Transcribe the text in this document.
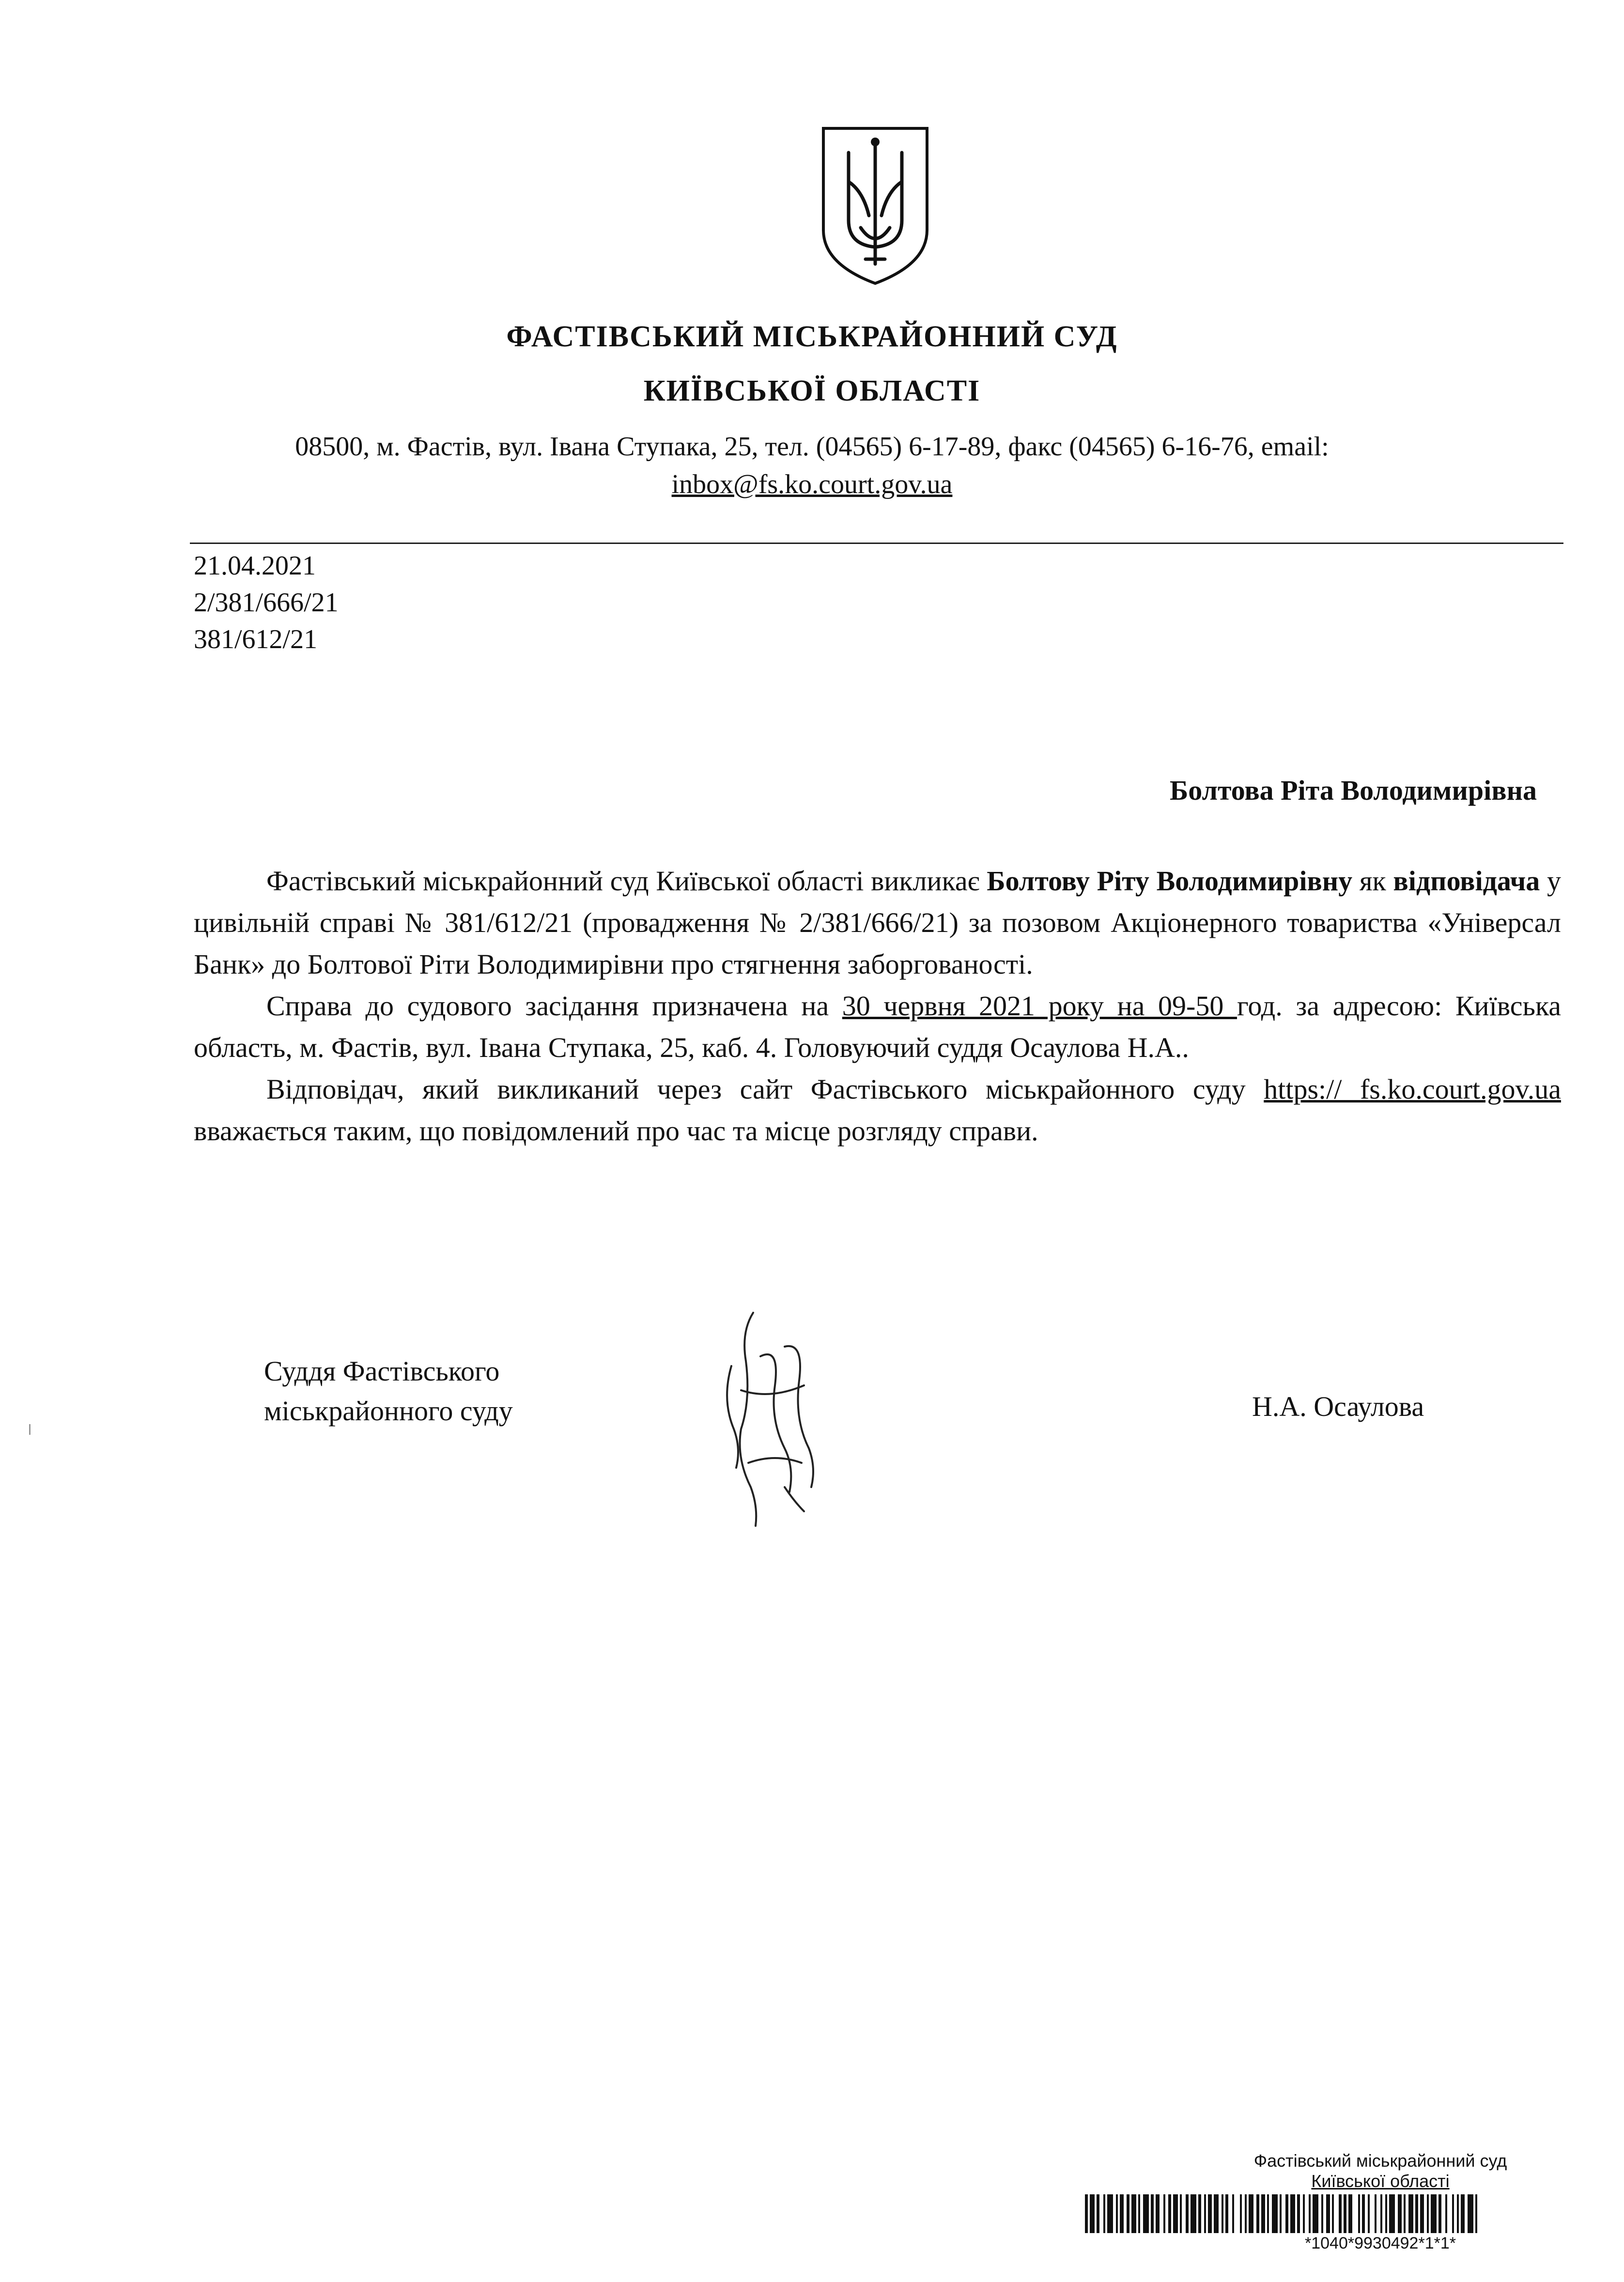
ФАСТІВСЬКИЙ МІСЬКРАЙОННИЙ СУД
КИЇВСЬКОЇ ОБЛАСТІ
08500, м. Фастів, вул. Івана Ступака, 25, тел. (04565) 6-17-89, факс (04565) 6-16-76, email:
inbox@fs.ko.court.gov.ua
21.04.2021
2/381/666/21
381/612/21
Болтова Ріта Володимирівна

Фастівський міськрайонний суд Київської області викликає Болтову Ріту Володимирівну як відповідача у цивільній справі № 381/612/21 (провадження № 2/381/666/21) за позовом Акціонерного товариства «Універсал Банк» до Болтової Ріти Володимирівни про стягнення заборгованості.

Справа до судового засідання призначена на 30 червня 2021 року на 09-50 год. за адресою: Київська область, м. Фастів, вул. Івана Ступака, 25, каб. 4. Головуючий суддя Осаулова Н.А..

Відповідач, який викликаний через сайт Фастівського міськрайонного суду https:// fs.ko.court.gov.ua вважається таким, що повідомлений про час та місце розгляду справи.

Суддя Фастівського
міськрайонного суду	Н.А. Осаулова
Фастівський міськрайонний суд
Київської області
*1040*9930492*1*1*
